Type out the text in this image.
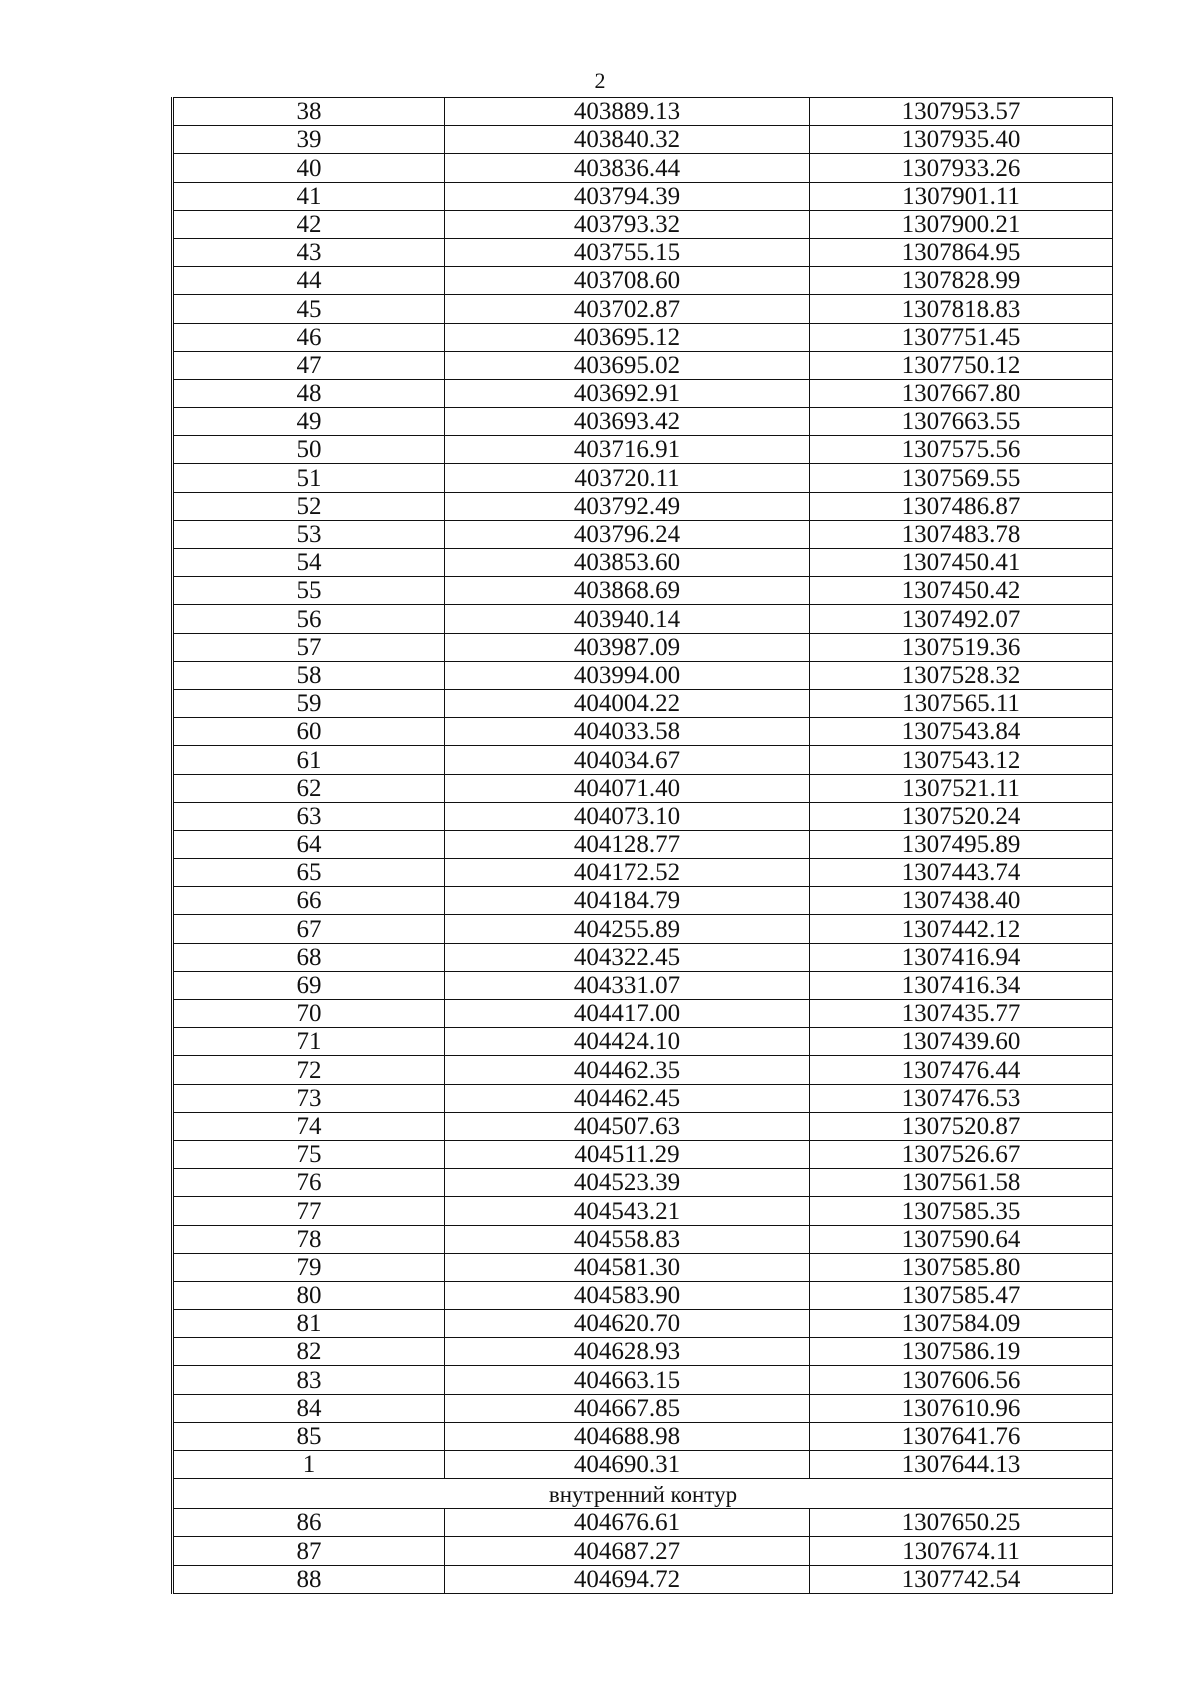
2
38	403889.13	1307953.57
39	403840.32	1307935.40
40	403836.44	1307933.26
41	403794.39	1307901.11
42	403793.32	1307900.21
43	403755.15	1307864.95
44	403708.60	1307828.99
45	403702.87	1307818.83
46	403695.12	1307751.45
47	403695.02	1307750.12
48	403692.91	1307667.80
49	403693.42	1307663.55
50	403716.91	1307575.56
51	403720.11	1307569.55
52	403792.49	1307486.87
53	403796.24	1307483.78
54	403853.60	1307450.41
55	403868.69	1307450.42
56	403940.14	1307492.07
57	403987.09	1307519.36
58	403994.00	1307528.32
59	404004.22	1307565.11
60	404033.58	1307543.84
61	404034.67	1307543.12
62	404071.40	1307521.11
63	404073.10	1307520.24
64	404128.77	1307495.89
65	404172.52	1307443.74
66	404184.79	1307438.40
67	404255.89	1307442.12
68	404322.45	1307416.94
69	404331.07	1307416.34
70	404417.00	1307435.77
71	404424.10	1307439.60
72	404462.35	1307476.44
73	404462.45	1307476.53
74	404507.63	1307520.87
75	404511.29	1307526.67
76	404523.39	1307561.58
77	404543.21	1307585.35
78	404558.83	1307590.64
79	404581.30	1307585.80
80	404583.90	1307585.47
81	404620.70	1307584.09
82	404628.93	1307586.19
83	404663.15	1307606.56
84	404667.85	1307610.96
85	404688.98	1307641.76
1	404690.31	1307644.13
внутренний контур		
86	404676.61	1307650.25
87	404687.27	1307674.11
88	404694.72	1307742.54
